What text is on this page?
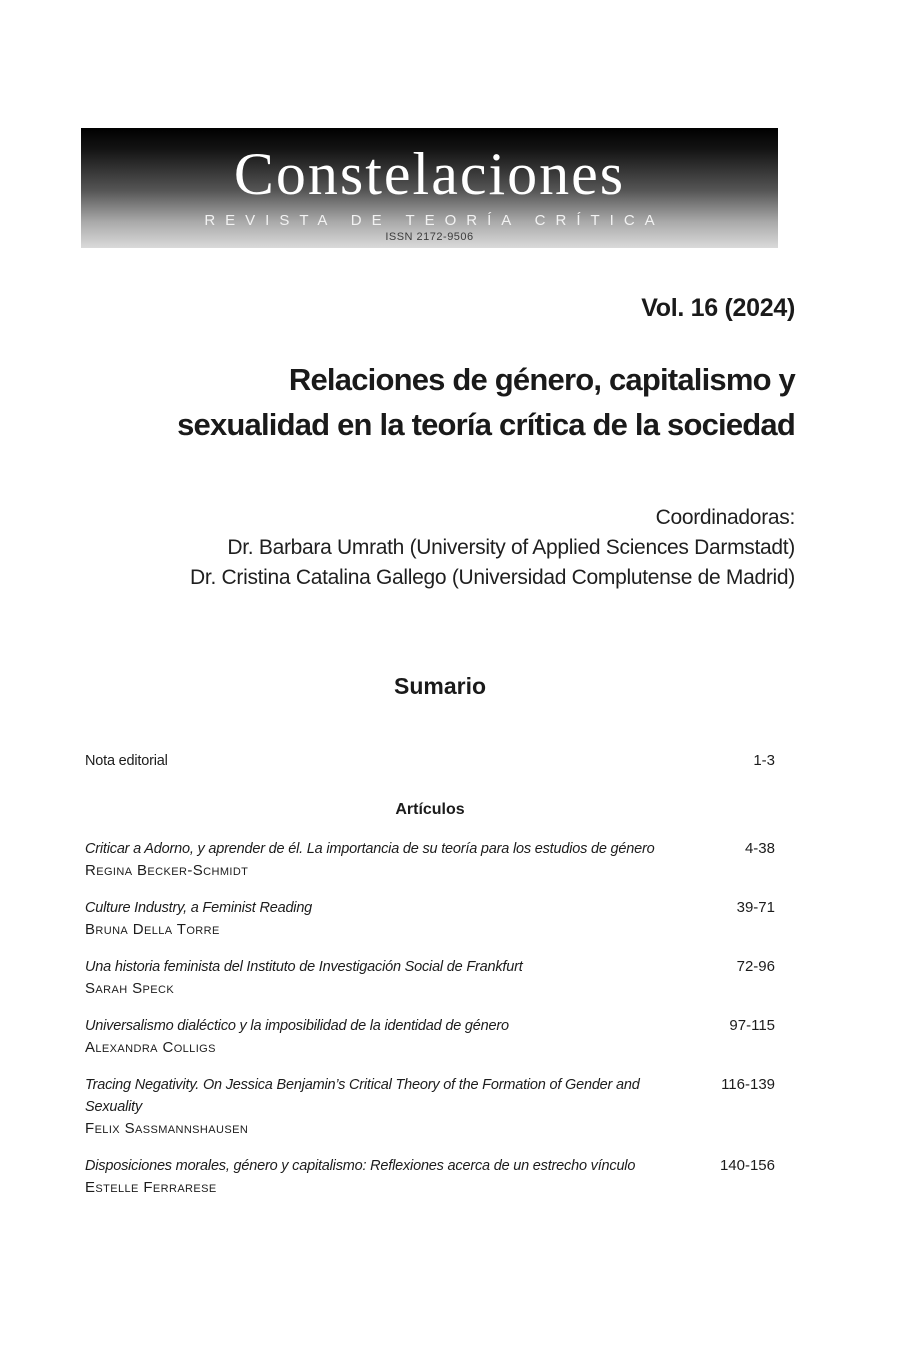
Constelaciones
REVISTA DE TEORÍA CRÍTICA
ISSN 2172-9506
Vol. 16 (2024)
Relaciones de género, capitalismo y
sexualidad en la teoría crítica de la sociedad
Coordinadoras:
Dr. Barbara Umrath (University of Applied Sciences Darmstadt)
Dr. Cristina Catalina Gallego (Universidad Complutense de Madrid)
Sumario
Nota editorial	1-3
Artículos
Criticar a Adorno, y aprender de él. La importancia de su teoría para los estudios de género
Regina Becker-Schmidt
4-38
Culture Industry, a Feminist Reading
Bruna Della Torre
39-71
Una historia feminista del Instituto de Investigación Social de Frankfurt
Sarah Speck
72-96
Universalismo dialéctico y la imposibilidad de la identidad de género
Alexandra Colligs
97-115
Tracing Negativity. On Jessica Benjamin’s Critical Theory of the Formation of Gender and Sexuality
Felix Sassmannshausen
116-139
Disposiciones morales, género y capitalismo: Reflexiones acerca de un estrecho vínculo
Estelle Ferrarese
140-156
